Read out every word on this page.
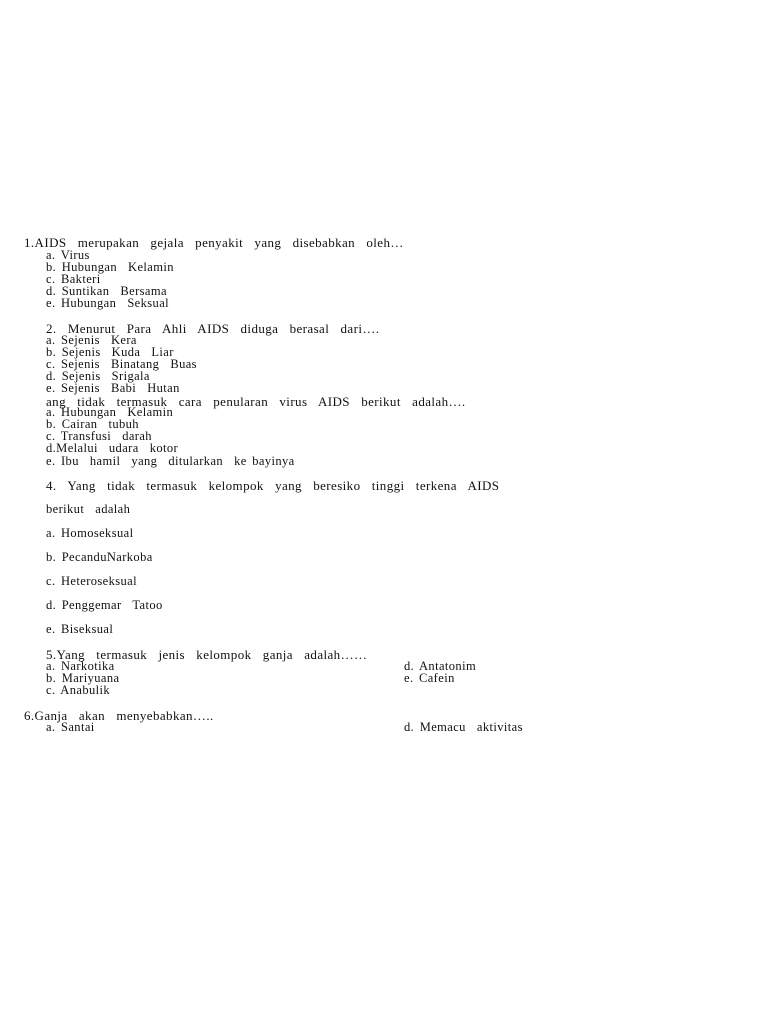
1.AIDS  merupakan  gejala  penyakit  yang  disebabkan  oleh…
a. Virus
b. Hubungan  Kelamin
c. Bakteri
d. Suntikan  Bersama
e. Hubungan  Seksual
2.  Menurut  Para  Ahli  AIDS  diduga  berasal  dari….
a. Sejenis  Kera
b. Sejenis  Kuda  Liar
c. Sejenis  Binatang  Buas
d. Sejenis  Srigala
e. Sejenis  Babi  Hutan
ang  tidak  termasuk  cara  penularan  virus  AIDS  berikut  adalah….
a. Hubungan  Kelamin
b. Cairan  tubuh
c. Transfusi  darah
d.Melalui  udara  kotor
e. Ibu  hamil  yang  ditularkan  ke bayinya
4.  Yang  tidak  termasuk  kelompok  yang  beresiko  tinggi  terkena  AIDS
berikut  adalah
a. Homoseksual
b. PecanduNarkoba
c. Heteroseksual
d. Penggemar  Tatoo
e. Biseksual
5.Yang  termasuk  jenis  kelompok  ganja  adalah……
a. Narkotika
b. Mariyuana
c. Anabulik
d. Antatonim
e. Cafein
6.Ganja  akan  menyebabkan…..
a. Santai	d. Memacu  aktivitas
